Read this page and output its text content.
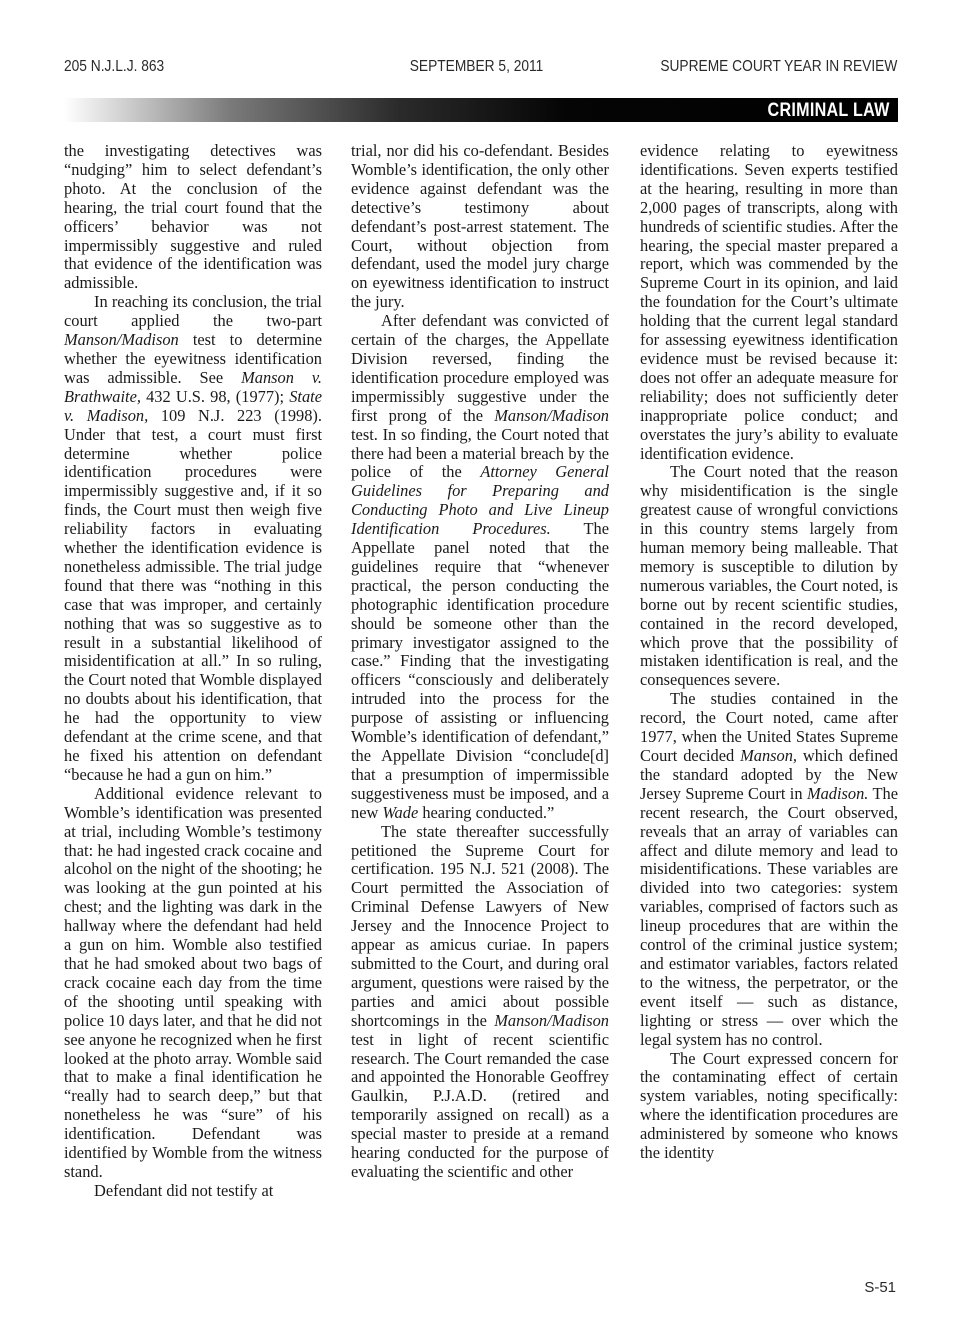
205 N.J.L.J. 863	SEPTEMBER 5, 2011	SUPREME COURT YEAR IN REVIEW
CRIMINAL LAW

the investigating detectives was “nudging” him to select defendant’s photo. At the conclusion of the hearing, the trial court found that the officers’ behavior was not impermissibly suggestive and ruled that evidence of the identification was admissible.

In reaching its conclusion, the trial court applied the two-part Manson/Madison test to determine whether the eyewitness identification was admissible. See Manson v. Brathwaite, 432 U.S. 98, (1977); State v. Madison, 109 N.J. 223 (1998). Under that test, a court must first determine whether police identification procedures were impermissibly suggestive and, if it so finds, the Court must then weigh five reliability factors in evaluating whether the identification evidence is nonetheless admissible. The trial judge found that there was “nothing in this case that was improper, and certainly nothing that was so suggestive as to result in a substantial likelihood of misidentification at all.” In so ruling, the Court noted that Womble displayed no doubts about his identification, that he had the opportunity to view defendant at the crime scene, and that he fixed his attention on defendant “because he had a gun on him.”

Additional evidence relevant to Womble’s identification was presented at trial, including Womble’s testimony that: he had ingested crack cocaine and alcohol on the night of the shooting; he was looking at the gun pointed at his chest; and the lighting was dark in the hallway where the defendant had held a gun on him. Womble also testified that he had smoked about two bags of crack cocaine each day from the time of the shooting until speaking with police 10 days later, and that he did not see anyone he recognized when he first looked at the photo array. Womble said that to make a final identification he “really had to search deep,” but that nonetheless he was “sure” of his identification. Defendant was identified by Womble from the witness stand.

Defendant did not testify at

trial, nor did his co-defendant. Besides Womble’s identification, the only other evidence against defendant was the detective’s testimony about defendant’s post-arrest statement. The Court, without objection from defendant, used the model jury charge on eyewitness identification to instruct the jury.

After defendant was convicted of certain of the charges, the Appellate Division reversed, finding the identification procedure employed was impermissibly suggestive under the first prong of the Manson/Madison test. In so finding, the Court noted that there had been a material breach by the police of the Attorney General Guidelines for Preparing and Conducting Photo and Live Lineup Identification Procedures. The Appellate panel noted that the guidelines require that “whenever practical, the person conducting the photographic identification procedure should be someone other than the primary investigator assigned to the case.” Finding that the investigating officers “consciously and deliberately intruded into the process for the purpose of assisting or influencing Womble’s identification of defendant,” the Appellate Division “conclude[d] that a presumption of impermissible suggestiveness must be imposed, and a new Wade hearing conducted.”

The state thereafter successfully petitioned the Supreme Court for certification. 195 N.J. 521 (2008). The Court permitted the Association of Criminal Defense Lawyers of New Jersey and the Innocence Project to appear as amicus curiae. In papers submitted to the Court, and during oral argument, questions were raised by the parties and amici about possible shortcomings in the Manson/Madison test in light of recent scientific research. The Court remanded the case and appointed the Honorable Geoffrey Gaulkin, P.J.A.D. (retired and temporarily assigned on recall) as a special master to preside at a remand hearing conducted for the purpose of evaluating the scientific and other

evidence relating to eyewitness identifications. Seven experts testified at the hearing, resulting in more than 2,000 pages of transcripts, along with hundreds of scientific studies. After the hearing, the special master prepared a report, which was commended by the Supreme Court in its opinion, and laid the foundation for the Court’s ultimate holding that the current legal standard for assessing eyewitness identification evidence must be revised because it: does not offer an adequate measure for reliability; does not sufficiently deter inappropriate police conduct; and overstates the jury’s ability to evaluate identification evidence.

The Court noted that the reason why misidentification is the single greatest cause of wrongful convictions in this country stems largely from human memory being malleable. That memory is susceptible to dilution by numerous variables, the Court noted, is borne out by recent scientific studies, contained in the record developed, which prove that the possibility of mistaken identification is real, and the consequences severe.

The studies contained in the record, the Court noted, came after 1977, when the United States Supreme Court decided Manson, which defined the standard adopted by the New Jersey Supreme Court in Madison. The recent research, the Court observed, reveals that an array of variables can affect and dilute memory and lead to misidentifications. These variables are divided into two categories: system variables, comprised of factors such as lineup procedures that are within the control of the criminal justice system; and estimator variables, factors related to the witness, the perpetrator, or the event itself — such as distance, lighting or stress — over which the legal system has no control.

The Court expressed concern for the contaminating effect of certain system variables, noting specifically: where the identification procedures are administered by someone who knows the identity

S-51
